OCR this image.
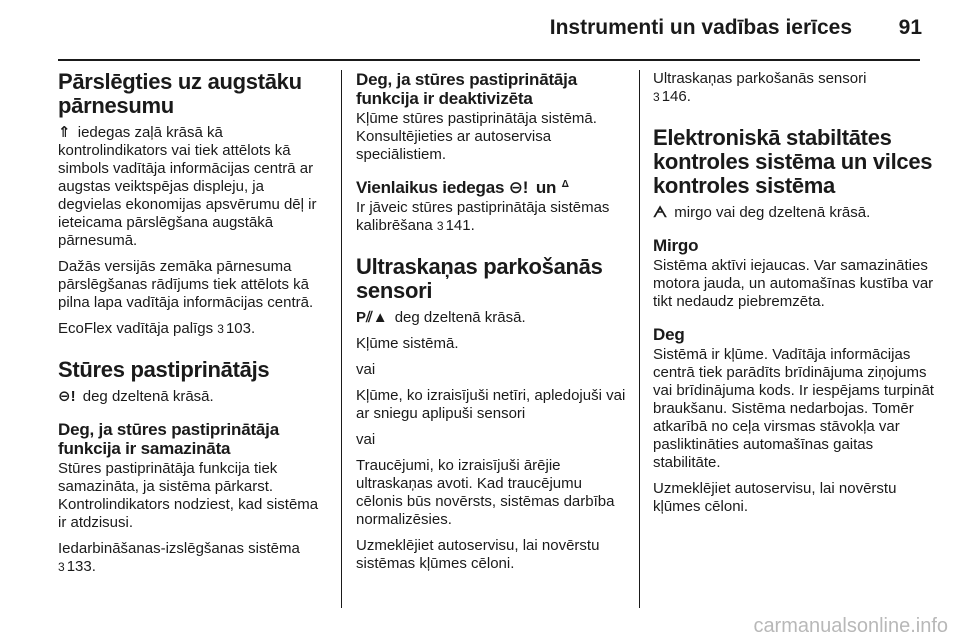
Instrumenti un vadības ierīces 91
Pārslēgties uz augstāku pārnesumu

⇑ iedegas zaļā krāsā kā kontrolindikators vai tiek attēlots kā simbols vadītāja informācijas centrā ar augstas veiktspējas displeju, ja degvielas ekonomijas apsvērumu dēļ ir ieteicama pārslēgšana augstākā pārnesumā.

Dažās versijās zemāka pārnesuma pārslēgšanas rādījums tiek attēlots kā pilna lapa vadītāja informācijas centrā.

EcoFlex vadītāja palīgs 3 103.

Stūres pastiprinātājs

⊖! deg dzeltenā krāsā.

Deg, ja stūres pastiprinātāja funkcija ir samazināta

Stūres pastiprinātāja funkcija tiek samazināta, ja sistēma pārkarst. Kontrolindikators nodziest, kad sistēma ir atdzisusi.

Iedarbināšanas-izslēgšanas sistēma
3 133.

Deg, ja stūres pastiprinātāja funkcija ir deaktivizēta

Kļūme stūres pastiprinātāja sistēmā. Konsultējieties ar autoservisa speciālistiem.

Vienlaikus iedegas ⊖! un ᐞ

Ir jāveic stūres pastiprinātāja sistēmas kalibrēšana 3 141.

Ultraskaņas parkošanās sensori

P⫽▲ deg dzeltenā krāsā.

Kļūme sistēmā.

vai

Kļūme, ko izraisījuši netīri, apledojuši vai ar sniegu aplipuši sensori

vai

Traucējumi, ko izraisījuši ārējie ultraskaņas avoti. Kad traucējumu cēlonis būs novērsts, sistēmas darbība normalizēsies.

Uzmeklējiet autoservisu, lai novērstu sistēmas kļūmes cēloni.

Ultraskaņas parkošanās sensori
3 146.

Elektroniskā stabiltātes kontroles sistēma un vilces kontroles sistēma

ᗅ mirgo vai deg dzeltenā krāsā.

Mirgo

Sistēma aktīvi iejaucas. Var samazināties motora jauda, un automašīnas kustība var tikt nedaudz piebremzēta.

Deg

Sistēmā ir kļūme. Vadītāja informācijas centrā tiek parādīts brīdinājuma ziņojums vai brīdinājuma kods. Ir iespējams turpināt braukšanu. Sistēma nedarbojas. Tomēr atkarībā no ceļa virsmas stāvokļa var pasliktināties automašīnas gaitas stabilitāte.

Uzmeklējiet autoservisu, lai novērstu kļūmes cēloni.

carmanualsonline.info
